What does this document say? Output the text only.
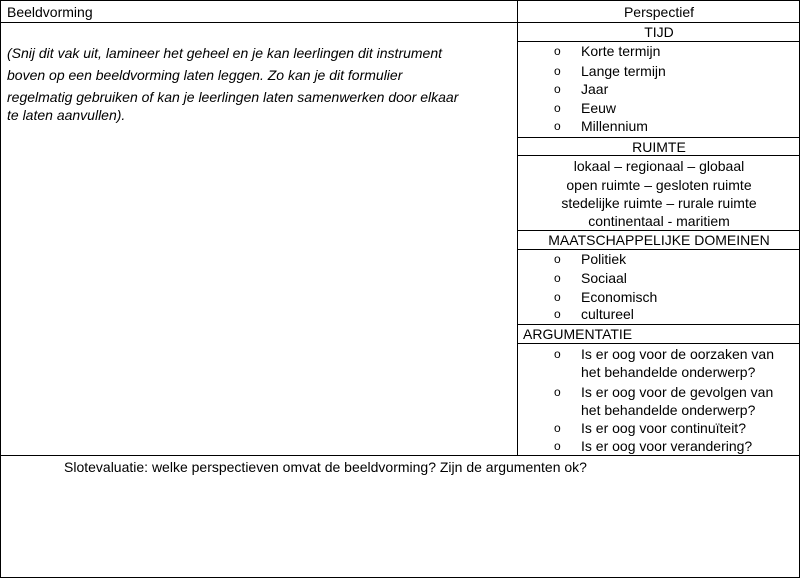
Beeldvorming	Perspectief
(Snij dit vak uit, lamineer het geheel en je kan leerlingen dit instrument
boven op een beeldvorming laten leggen. Zo kan je dit formulier
regelmatig gebruiken of kan je leerlingen laten samenwerken door elkaar
te laten aanvullen).
TIJD
o Korte termijn
o Lange termijn
o Jaar
o Eeuw
o Millennium
RUIMTE
lokaal – regionaal – globaal
open ruimte – gesloten ruimte
stedelijke ruimte – rurale ruimte
continentaal - maritiem
MAATSCHAPPELIJKE DOMEINEN
o Politiek
o Sociaal
o Economisch
o cultureel
ARGUMENTATIE
o Is er oog voor de oorzaken van
het behandelde onderwerp?
o Is er oog voor de gevolgen van
het behandelde onderwerp?
o Is er oog voor continuïteit?
o Is er oog voor verandering?
Slotevaluatie: welke perspectieven omvat de beeldvorming? Zijn de argumenten ok?
